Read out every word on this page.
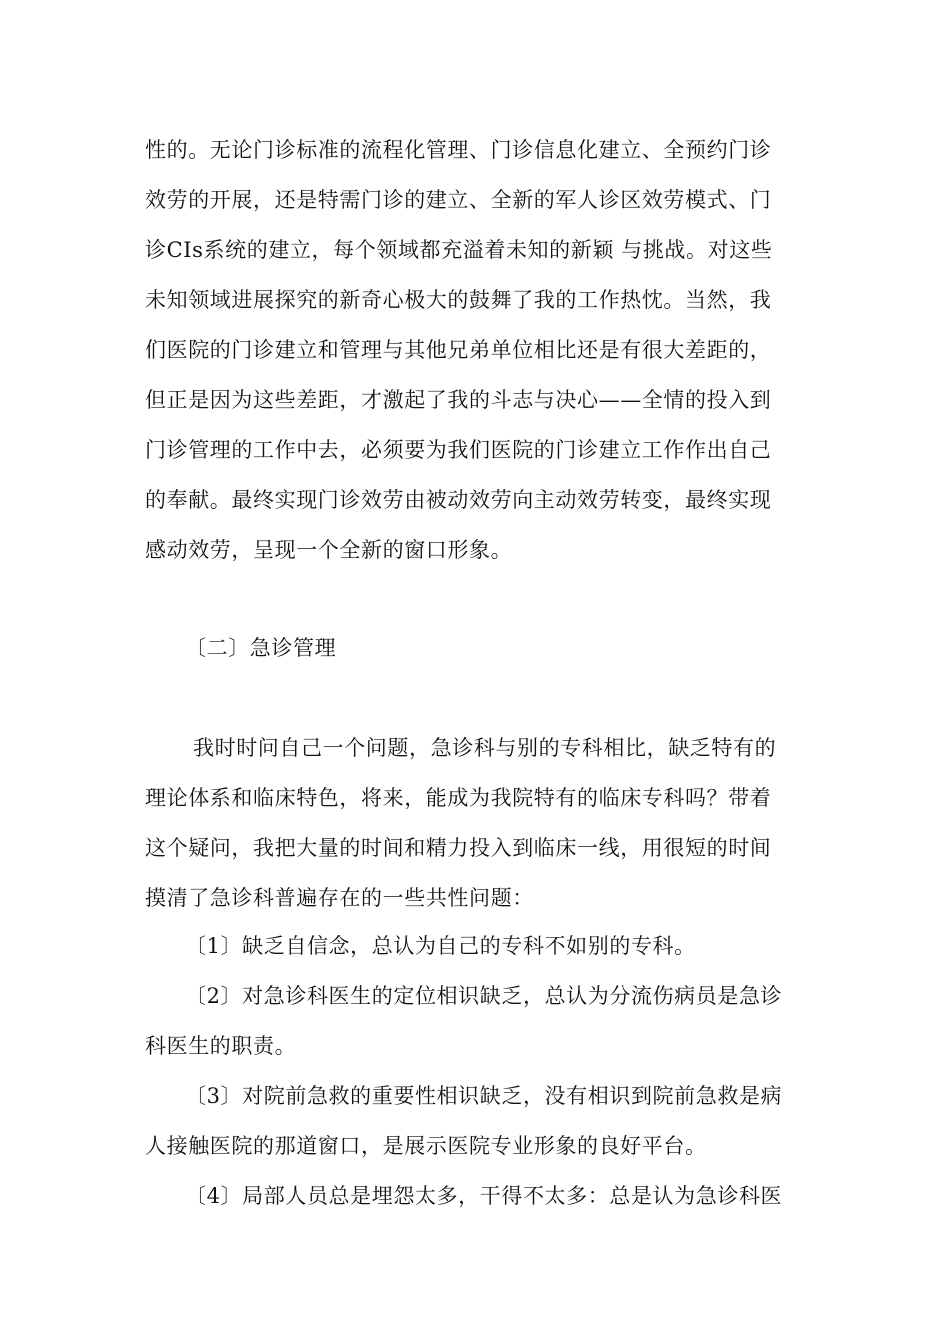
性的。无论门诊标准的流程化管理、门诊信息化建立、全预约门诊
效劳的开展，还是特需门诊的建立、全新的军人诊区效劳模式、门
诊CIs系统的建立，每个领域都充溢着未知的新颖 与挑战。对这些
未知领域进展探究的新奇心极大的鼓舞了我的工作热忱。当然，我
们医院的门诊建立和管理与其他兄弟单位相比还是有很大差距的，
但正是因为这些差距，才激起了我的斗志与决心——全情的投入到
门诊管理的工作中去，必须要为我们医院的门诊建立工作作出自己
的奉献。最终实现门诊效劳由被动效劳向主动效劳转变，最终实现
感动效劳，呈现一个全新的窗口形象。
〔二〕急诊管理
我时时问自己一个问题，急诊科与别的专科相比，缺乏特有的
理论体系和临床特色，将来，能成为我院特有的临床专科吗？带着
这个疑问，我把大量的时间和精力投入到临床一线，用很短的时间
摸清了急诊科普遍存在的一些共性问题：
〔1〕缺乏自信念，总认为自己的专科不如别的专科。
〔2〕对急诊科医生的定位相识缺乏，总认为分流伤病员是急诊
科医生的职责。
〔3〕对院前急救的重要性相识缺乏，没有相识到院前急救是病
人接触医院的那道窗口，是展示医院专业形象的良好平台。
〔4〕局部人员总是埋怨太多，干得不太多：总是认为急诊科医
